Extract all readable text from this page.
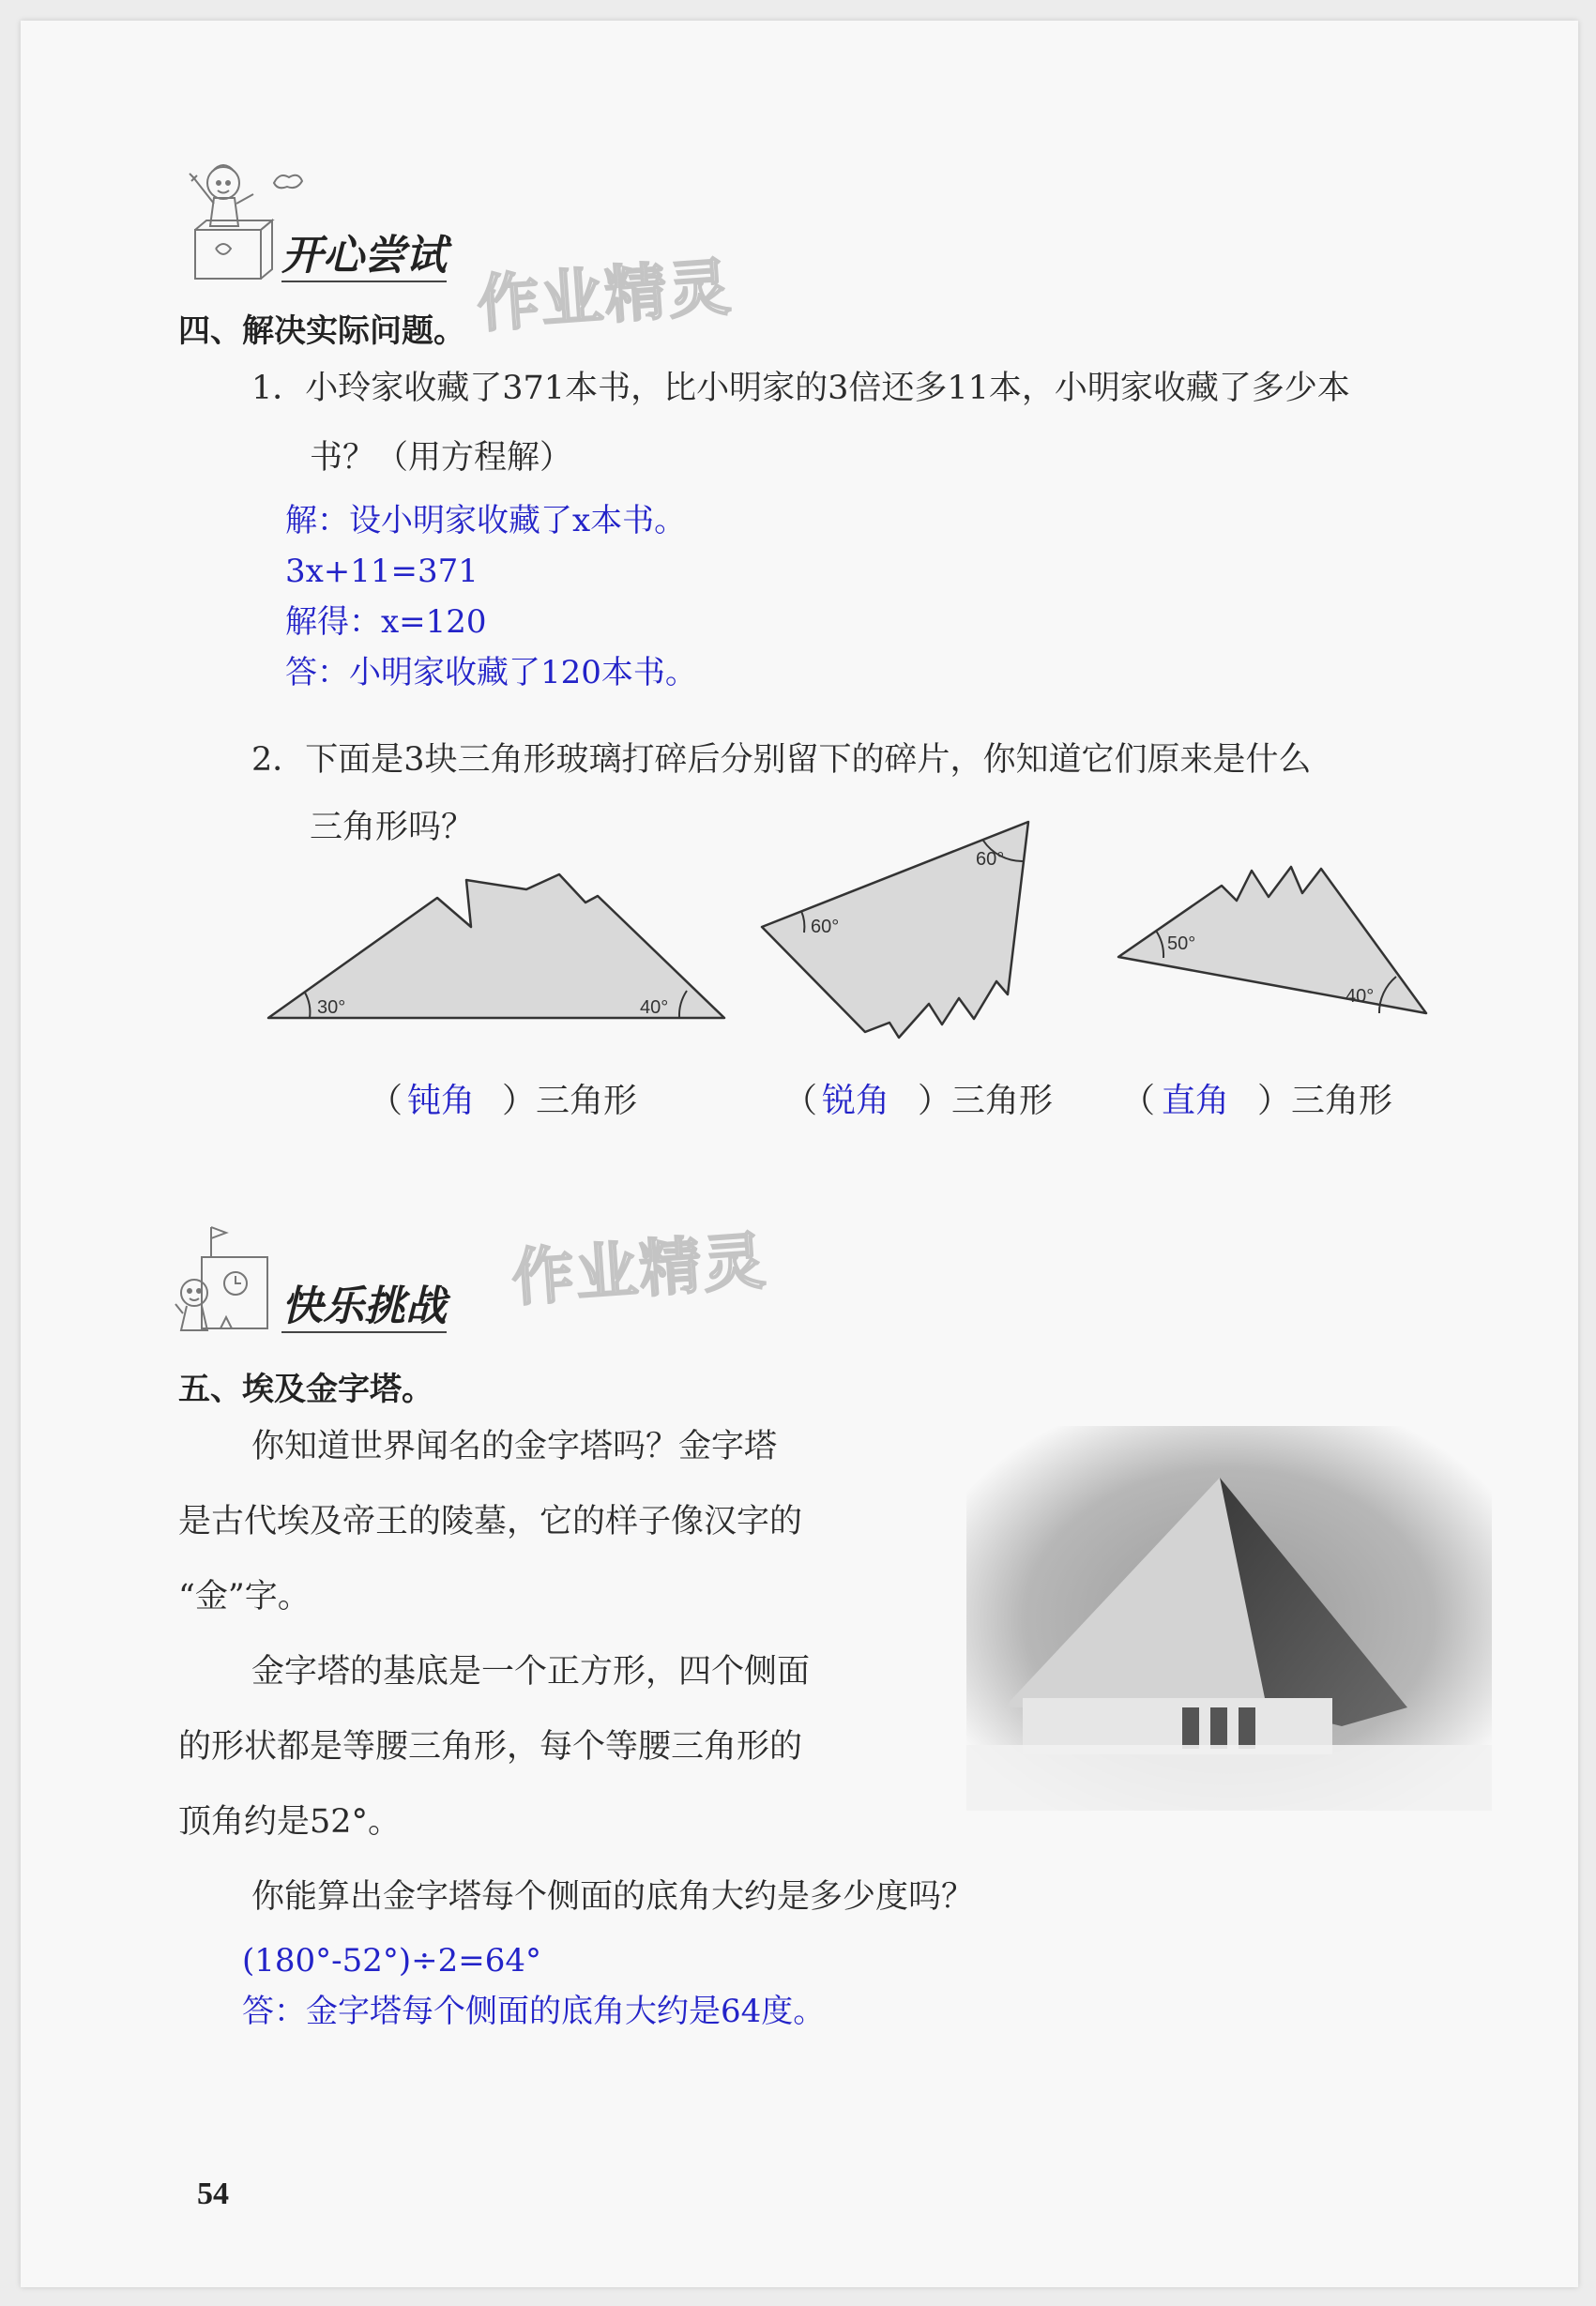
开心尝试 作业精灵
四、解决实际问题。
1．小玲家收藏了371本书，比小明家的3倍还多11本，小明家收藏了多少本
书？（用方程解）
解：设小明家收藏了x本书。
3x+11=371
解得：x=120
答：小明家收藏了120本书。
2．下面是3块三角形玻璃打碎后分别留下的碎片，你知道它们原来是什么
三角形吗？
30°	40°
60°
60°
50°
40°
（ 钝角 ）三角形	（ 锐角 ）三角形 （ 直角 ）三角形
快乐挑战 作业精灵
五、埃及金字塔。
你知道世界闻名的金字塔吗？金字塔
是古代埃及帝王的陵墓，它的样子像汉字的
“金”字。
金字塔的基底是一个正方形，四个侧面
的形状都是等腰三角形，每个等腰三角形的
顶角约是52°。
你能算出金字塔每个侧面的底角大约是多少度吗？
(180°-52°)÷2=64°
答：金字塔每个侧面的底角大约是64度。
54
